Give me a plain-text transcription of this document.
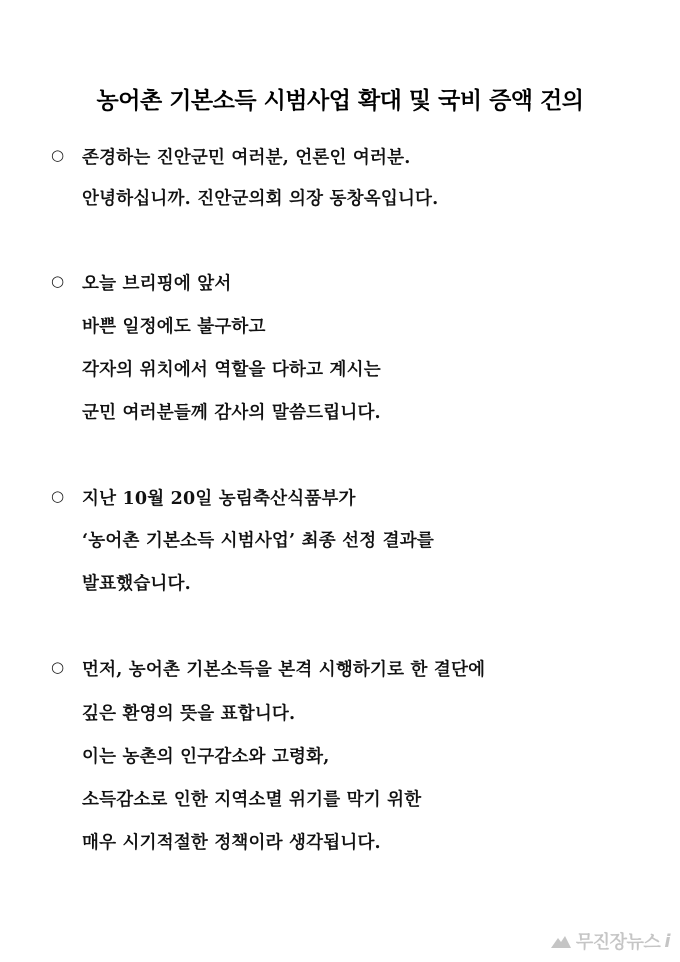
농어촌 기본소득 시범사업 확대 및 국비 증액 건의
○ 존경하는 진안군민 여러분, 언론인 여러분.
안녕하십니까. 진안군의회 의장 동창옥입니다.
○ 오늘 브리핑에 앞서
바쁜 일정에도 불구하고
각자의 위치에서 역할을 다하고 계시는
군민 여러분들께 감사의 말씀드립니다.
○ 지난 10월 20일 농림축산식품부가
‘농어촌 기본소득 시범사업’ 최종 선정 결과를
발표했습니다.
○ 먼저, 농어촌 기본소득을 본격 시행하기로 한 결단에
깊은 환영의 뜻을 표합니다.
이는 농촌의 인구감소와 고령화,
소득감소로 인한 지역소멸 위기를 막기 위한
매우 시기적절한 정책이라 생각됩니다.
무진장뉴스 i
